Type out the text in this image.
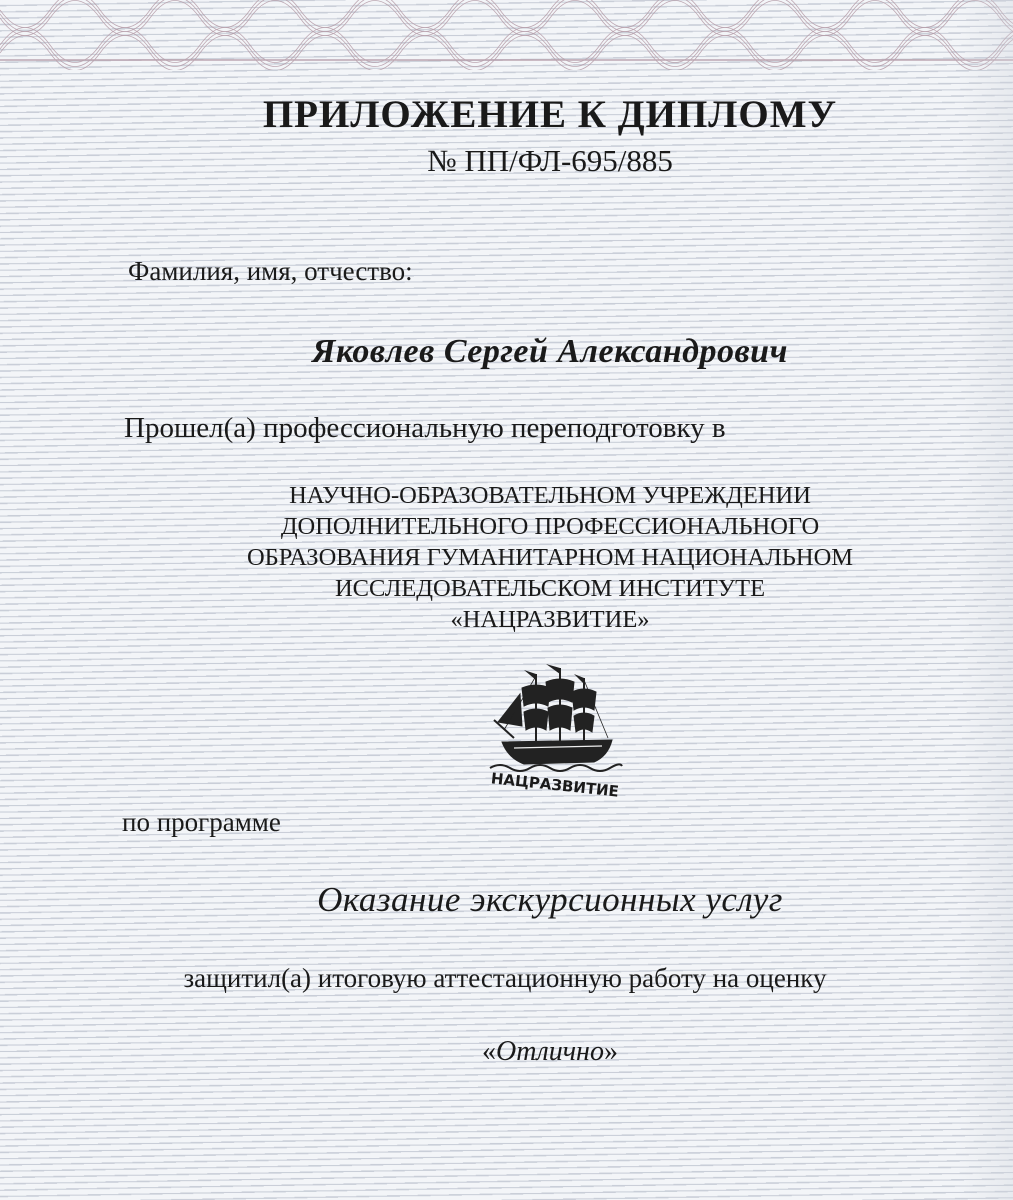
ПРИЛОЖЕНИЕ К ДИПЛОМУ
№ ПП/ФЛ-695/885
Фамилия, имя, отчество:
Яковлев Сергей Александрович
Прошел(а) профессиональную переподготовку в
НАУЧНО-ОБРАЗОВАТЕЛЬНОМ УЧРЕЖДЕНИИ
ДОПОЛНИТЕЛЬНОГО ПРОФЕССИОНАЛЬНОГО
ОБРАЗОВАНИЯ ГУМАНИТАРНОМ НАЦИОНАЛЬНОМ
ИССЛЕДОВАТЕЛЬСКОМ ИНСТИТУТЕ
«НАЦРАЗВИТИЕ»
НАЦРАЗВИТИЕ
по программе
Оказание экскурсионных услуг
защитил(а) итоговую аттестационную работу на оценку
«Отлично»
